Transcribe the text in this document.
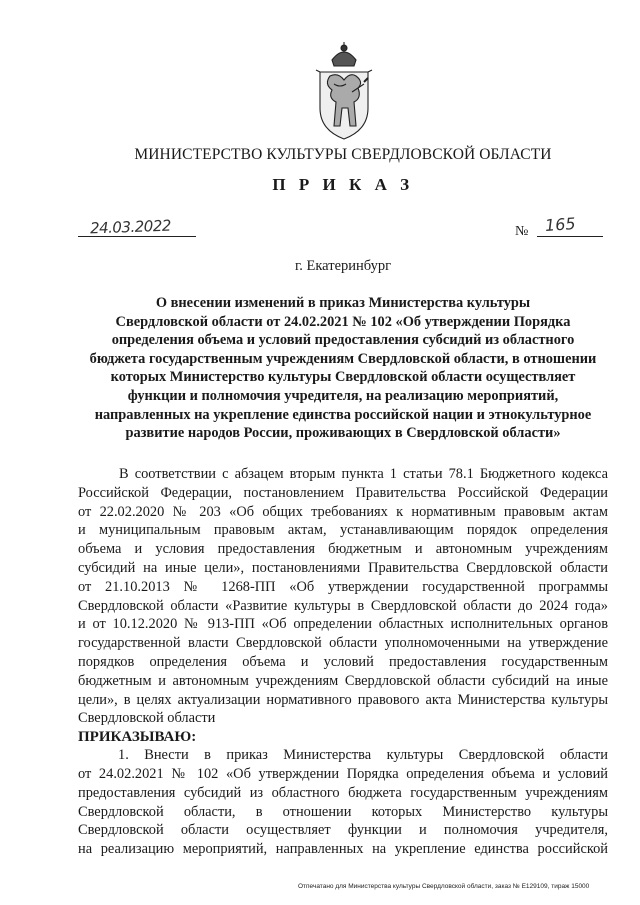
МИНИСТЕРСТВО КУЛЬТУРЫ СВЕРДЛОВСКОЙ ОБЛАСТИ
П Р И К А З
24.03.2022	№ 165
г. Екатеринбург
О внесении изменений в приказ Министерства культуры
Свердловской области от 24.02.2021 № 102 «Об утверждении Порядка
определения объема и условий предоставления субсидий из областного
бюджета государственным учреждениям Свердловской области, в отношении
которых Министерство культуры Свердловской области осуществляет
функции и полномочия учредителя, на реализацию мероприятий,
направленных на укрепление единства российской нации и этнокультурное
развитие народов России, проживающих в Свердловской области»
В соответствии с абзацем вторым пункта 1 статьи 78.1 Бюджетного кодекса
Российской Федерации, постановлением Правительства Российской Федерации
от 22.02.2020 № 203 «Об общих требованиях к нормативным правовым актам
и муниципальным правовым актам, устанавливающим порядок определения
объема и условия предоставления бюджетным и автономным учреждениям
субсидий на иные цели», постановлениями Правительства Свердловской области
от 21.10.2013 № 1268-ПП «Об утверждении государственной программы
Свердловской области «Развитие культуры в Свердловской области до 2024 года»
и от 10.12.2020 № 913-ПП «Об определении областных исполнительных органов
государственной власти Свердловской области уполномоченными на утверждение
порядков определения объема и условий предоставления государственным
бюджетным и автономным учреждениям Свердловской области субсидий на иные
цели», в целях актуализации нормативного правового акта Министерства культуры
Свердловской области
ПРИКАЗЫВАЮ:
1. Внести в приказ Министерства культуры Свердловской области
от 24.02.2021 № 102 «Об утверждении Порядка определения объема и условий
предоставления субсидий из областного бюджета государственным учреждениям
Свердловской области, в отношении которых Министерство культуры
Свердловской области осуществляет функции и полномочия учредителя,
на реализацию мероприятий, направленных на укрепление единства российской
Отпечатано для Министерства культуры Свердловской области, заказ № Е129109, тираж 15000
